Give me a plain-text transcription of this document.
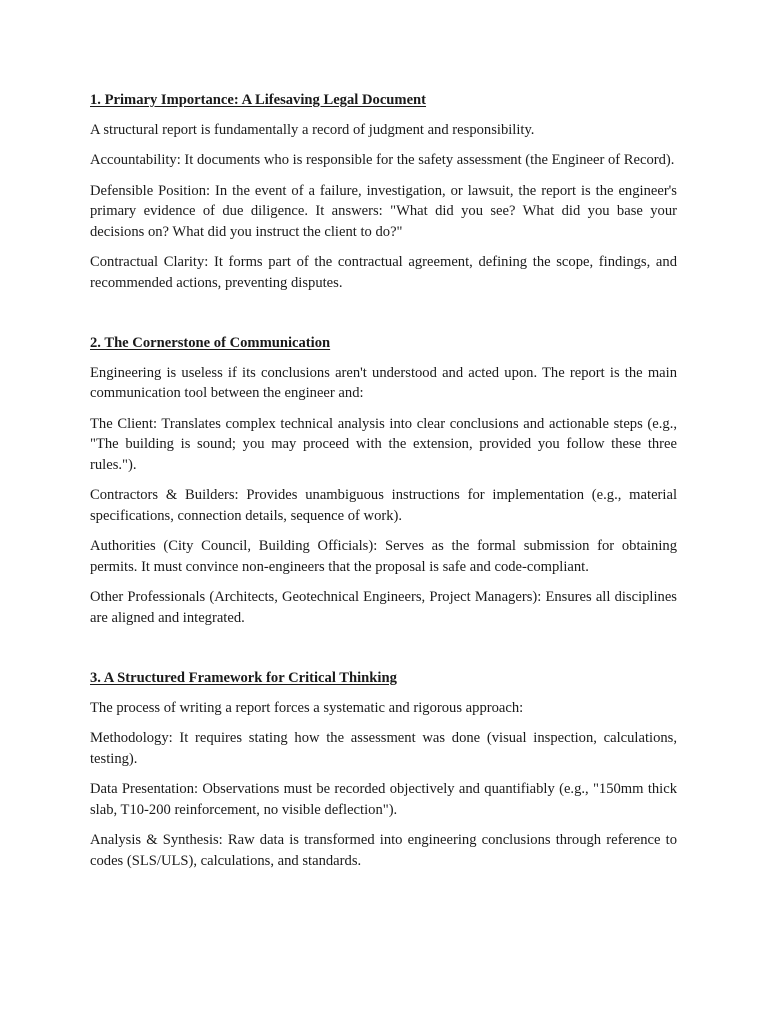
1. Primary Importance: A Lifesaving Legal Document

A structural report is fundamentally a record of judgment and responsibility.

Accountability: It documents who is responsible for the safety assessment (the Engineer of Record).

Defensible Position: In the event of a failure, investigation, or lawsuit, the report is the engineer's primary evidence of due diligence. It answers: "What did you see? What did you base your decisions on? What did you instruct the client to do?"

Contractual Clarity: It forms part of the contractual agreement, defining the scope, findings, and recommended actions, preventing disputes.

2. The Cornerstone of Communication

Engineering is useless if its conclusions aren't understood and acted upon. The report is the main communication tool between the engineer and:

The Client: Translates complex technical analysis into clear conclusions and actionable steps (e.g., "The building is sound; you may proceed with the extension, provided you follow these three rules.").

Contractors & Builders: Provides unambiguous instructions for implementation (e.g., material specifications, connection details, sequence of work).

Authorities (City Council, Building Officials): Serves as the formal submission for obtaining permits. It must convince non-engineers that the proposal is safe and code-compliant.

Other Professionals (Architects, Geotechnical Engineers, Project Managers): Ensures all disciplines are aligned and integrated.

3. A Structured Framework for Critical Thinking

The process of writing a report forces a systematic and rigorous approach:

Methodology: It requires stating how the assessment was done (visual inspection, calculations, testing).

Data Presentation: Observations must be recorded objectively and quantifiably (e.g., "150mm thick slab, T10-200 reinforcement, no visible deflection").

Analysis & Synthesis: Raw data is transformed into engineering conclusions through reference to codes (SLS/ULS), calculations, and standards.
